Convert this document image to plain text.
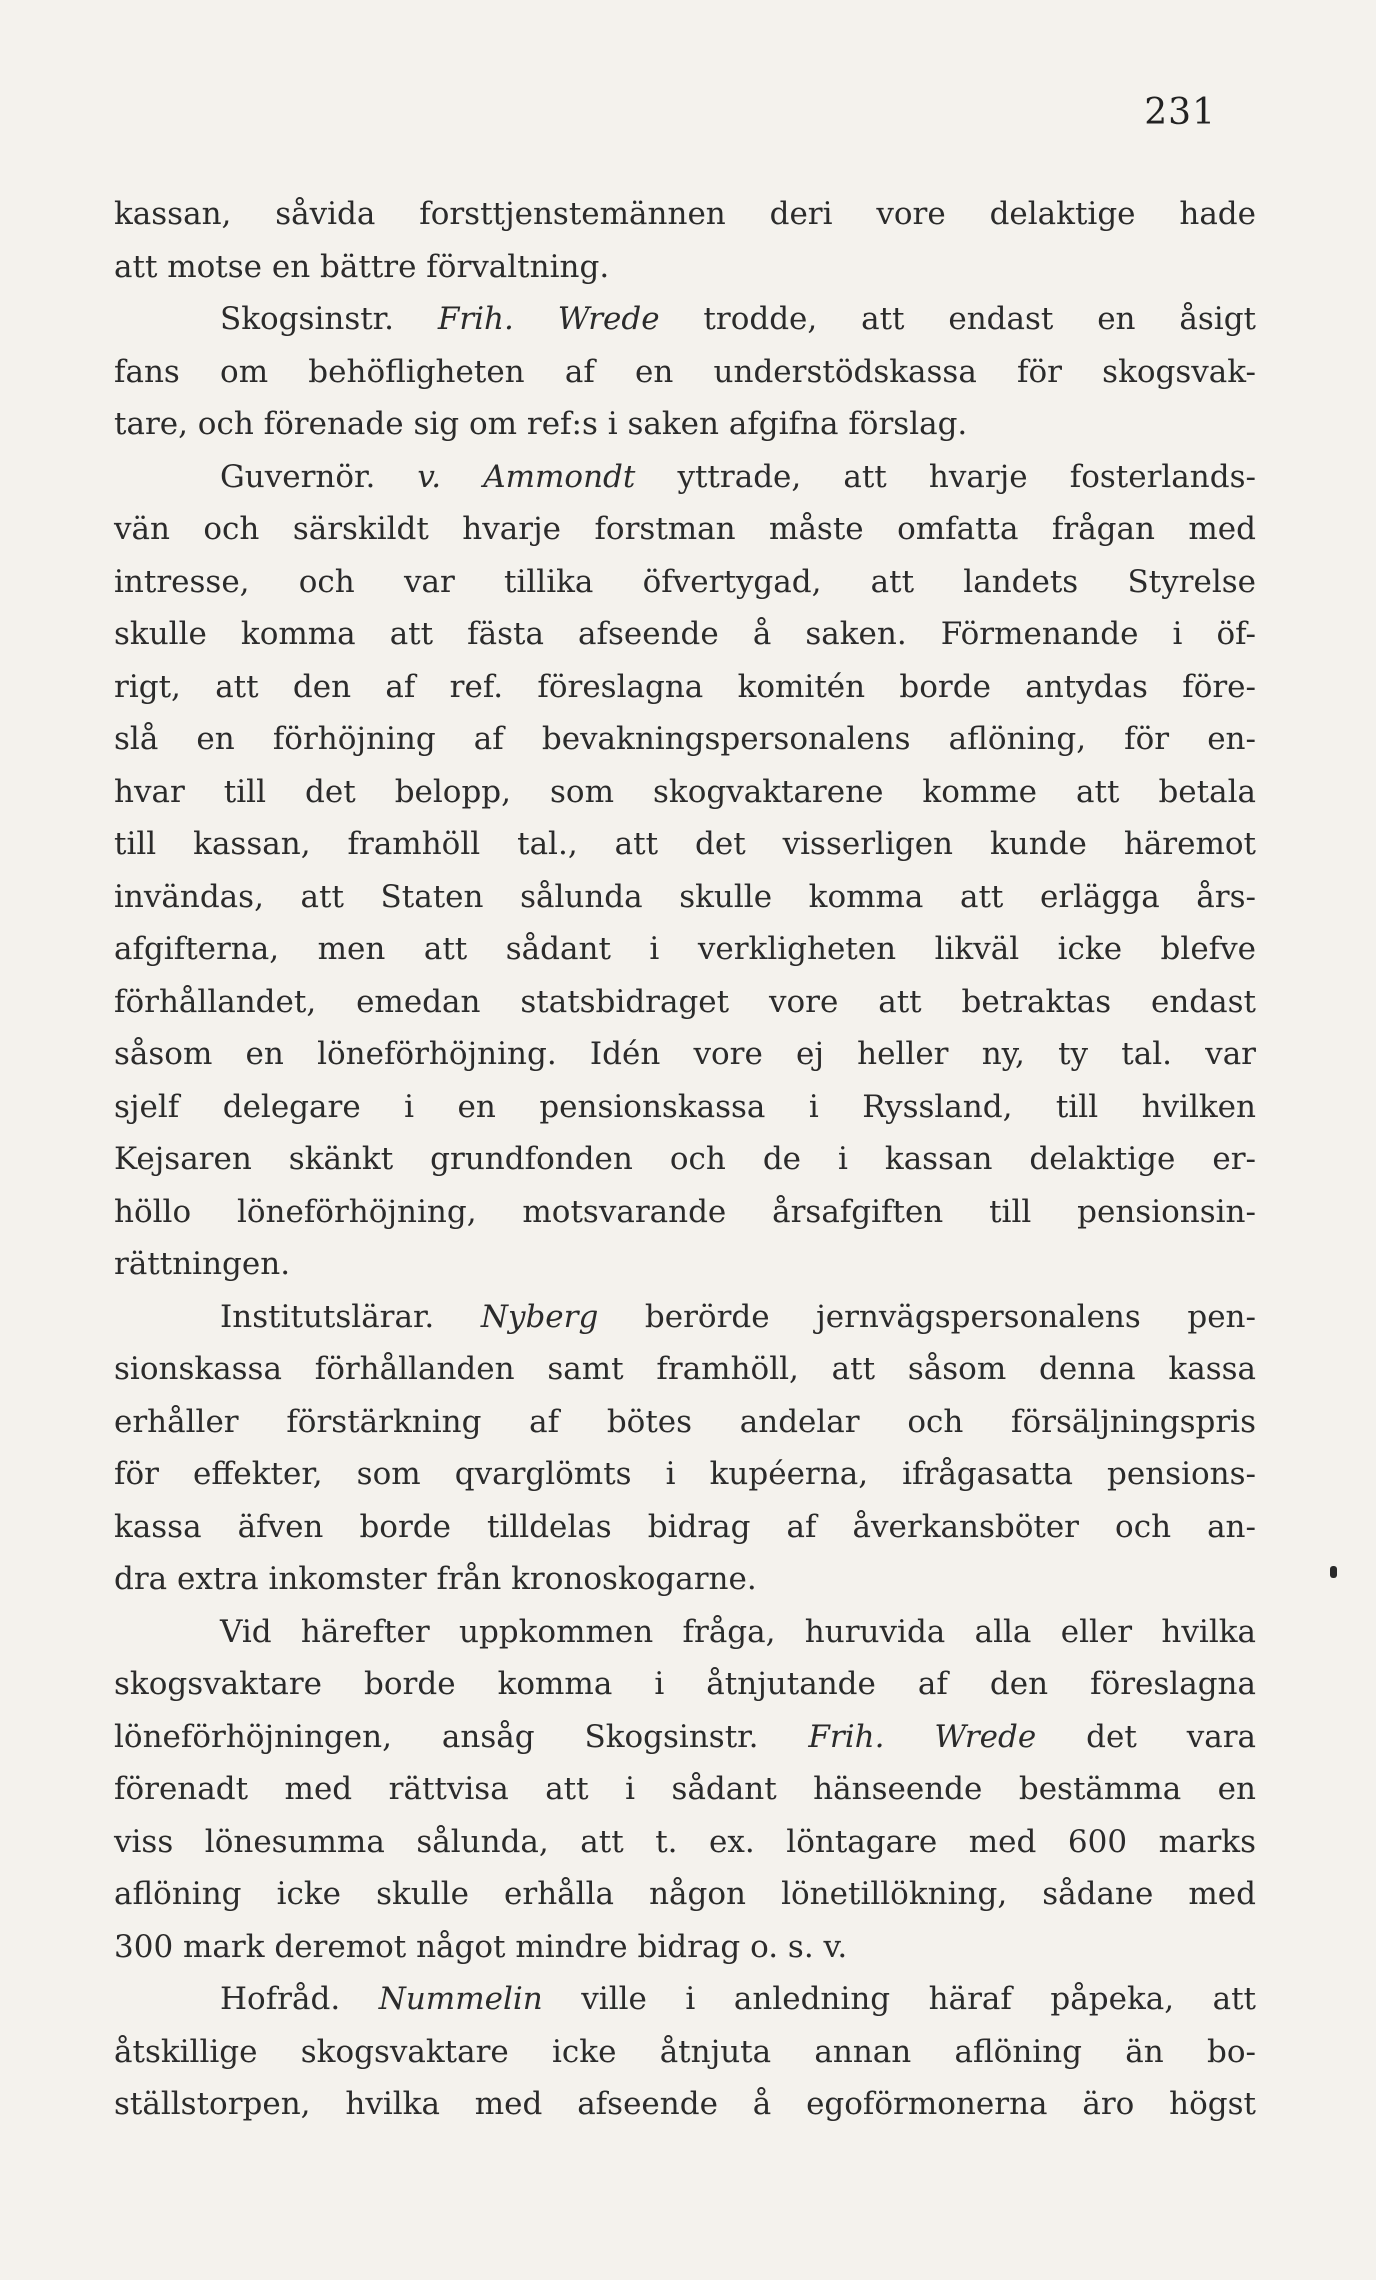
231
kassan, såvida forsttjenstemännen deri vore delaktige hade
att motse en bättre förvaltning.
Skogsinstr. Frih. Wrede trodde, att endast en åsigt
fans om behöfligheten af en understödskassa för skogsvak-
tare, och förenade sig om ref:s i saken afgifna förslag.
Guvernör. v. Ammondt yttrade, att hvarje fosterlands-
vän och särskildt hvarje forstman måste omfatta frågan med
intresse, och var tillika öfvertygad, att landets Styrelse
skulle komma att fästa afseende å saken. Förmenande i öf-
rigt, att den af ref. föreslagna komitén borde antydas före-
slå en förhöjning af bevakningspersonalens aflöning, för en-
hvar till det belopp, som skogvaktarene komme att betala
till kassan, framhöll tal., att det visserligen kunde häremot
invändas, att Staten sålunda skulle komma att erlägga års-
afgifterna, men att sådant i verkligheten likväl icke blefve
förhållandet, emedan statsbidraget vore att betraktas endast
såsom en löneförhöjning. Idén vore ej heller ny, ty tal. var
sjelf delegare i en pensionskassa i Ryssland, till hvilken
Kejsaren skänkt grundfonden och de i kassan delaktige er-
höllo löneförhöjning, motsvarande årsafgiften till pensionsin-
rättningen.
Institutslärar. Nyberg berörde jernvägspersonalens pen-
sionskassa förhållanden samt framhöll, att såsom denna kassa
erhåller förstärkning af bötes andelar och försäljningspris
för effekter, som qvarglömts i kupéerna, ifrågasatta pensions-
kassa äfven borde tilldelas bidrag af åverkansböter och an-
dra extra inkomster från kronoskogarne.
Vid härefter uppkommen fråga, huruvida alla eller hvilka
skogsvaktare borde komma i åtnjutande af den föreslagna
löneförhöjningen, ansåg Skogsinstr. Frih. Wrede det vara
förenadt med rättvisa att i sådant hänseende bestämma en
viss lönesumma sålunda, att t. ex. löntagare med 600 marks
aflöning icke skulle erhålla någon lönetillökning, sådane med
300 mark deremot något mindre bidrag o. s. v.
Hofråd. Nummelin ville i anledning häraf påpeka, att
åtskillige skogsvaktare icke åtnjuta annan aflöning än bo-
ställstorpen, hvilka med afseende å egoförmonerna äro högst
